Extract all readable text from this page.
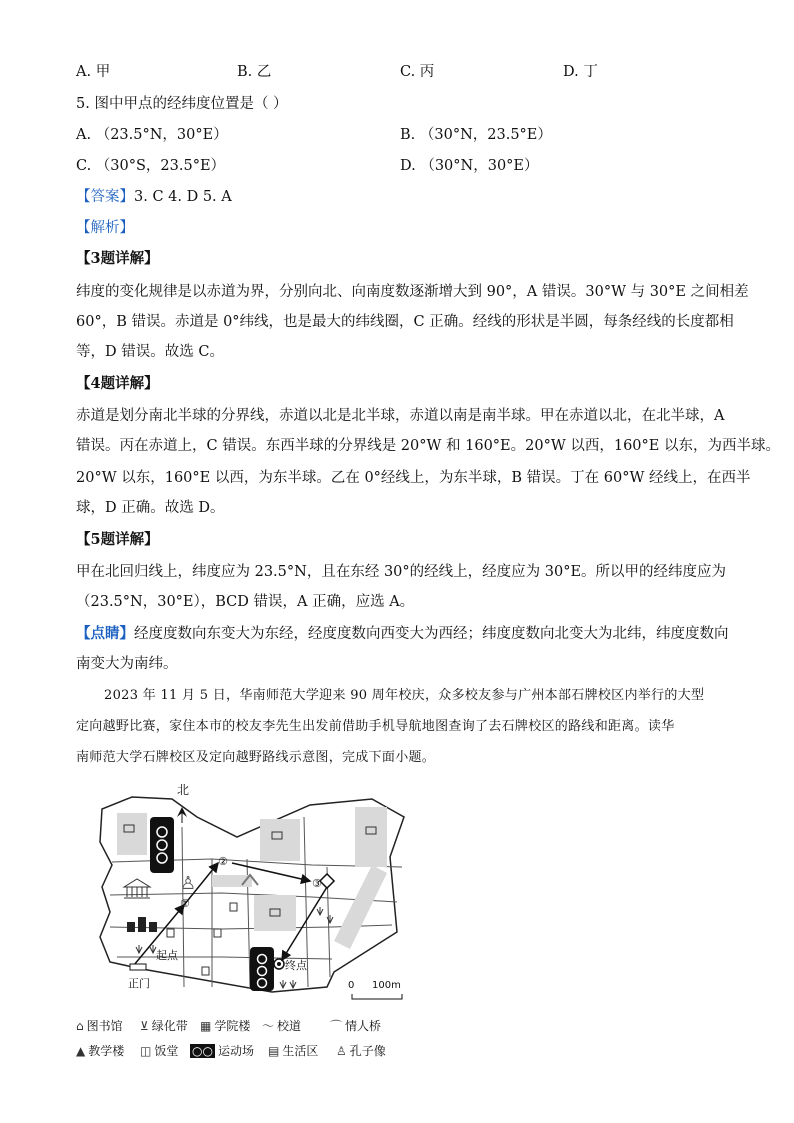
A. 甲	B. 乙	C. 丙	D. 丁
5. 图中甲点的经纬度位置是（ ）
A. （23.5°N，30°E）	B. （30°N，23.5°E）
C. （30°S，23.5°E）	D. （30°N，30°E）
【答案】3. C 4. D 5. A
【解析】
【3题详解】
纬度的变化规律是以赤道为界，分别向北、向南度数逐渐增大到 90°，A 错误。30°W 与 30°E 之间相差
60°，B 错误。赤道是 0°纬线，也是最大的纬线圈，C 正确。经线的形状是半圆，每条经线的长度都相
等，D 错误。故选 C。
【4题详解】
赤道是划分南北半球的分界线，赤道以北是北半球，赤道以南是南半球。甲在赤道以北，在北半球，A
错误。丙在赤道上，C 错误。东西半球的分界线是 20°W 和 160°E。20°W 以西，160°E 以东，为西半球。
20°W 以东，160°E 以西，为东半球。乙在 0°经线上，为东半球，B 错误。丁在 60°W 经线上，在西半
球，D 正确。故选 D。
【5题详解】
甲在北回归线上，纬度应为 23.5°N，且在东经 30°的经线上，经度应为 30°E。所以甲的经纬度应为
（23.5°N，30°E），BCD 错误，A 正确，应选 A。
【点睛】经度度数向东变大为东经，经度度数向西变大为西经；纬度度数向北变大为北纬，纬度度数向
南变大为南纬。
2023 年 11 月 5 日，华南师范大学迎来 90 周年校庆，众多校友参与广州本部石牌校区内举行的大型
定向越野比赛，家住本市的校友李先生出发前借助手机导航地图查询了去石牌校区的路线和距离。读华
南师范大学石牌校区及定向越野路线示意图，完成下面小题。
♙
北
①
②
③
起点
终点
正门	0 100m
⌂ 图书馆 ⊻ 绿化带 ▦ 学院楼 〜 校道 ⌒ 情人桥
▲ 教学楼 ◫ 饭堂 ○○ 运动场 ▤ 生活区 ♙ 孔子像
